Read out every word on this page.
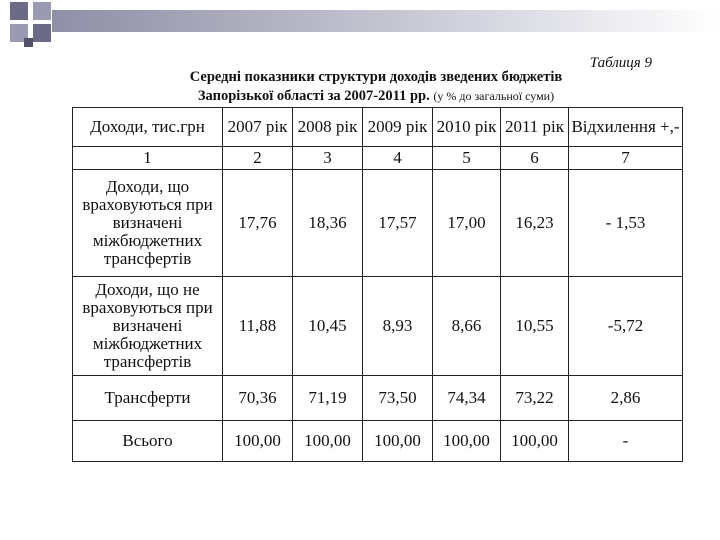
Таблиця 9
Середні показники структури доходів зведених бюджетів
Запорізької області за 2007-2011 рр. (у % до загальної суми)
Доходи, тис.грн	2007 рік	2008 рік	2009 рік	2010 рік	2011 рік	Відхилення +,-
1	2	3	4	5	6	7
Доходи, що враховуються при визначені міжбюджетних трансфертів	17,76	18,36	17,57	17,00	16,23	- 1,53
Доходи, що не враховуються при визначені міжбюджетних трансфертів	11,88	10,45	8,93	8,66	10,55	-5,72
Трансферти	70,36	71,19	73,50	74,34	73,22	2,86
Всього	100,00	100,00	100,00	100,00	100,00	-
